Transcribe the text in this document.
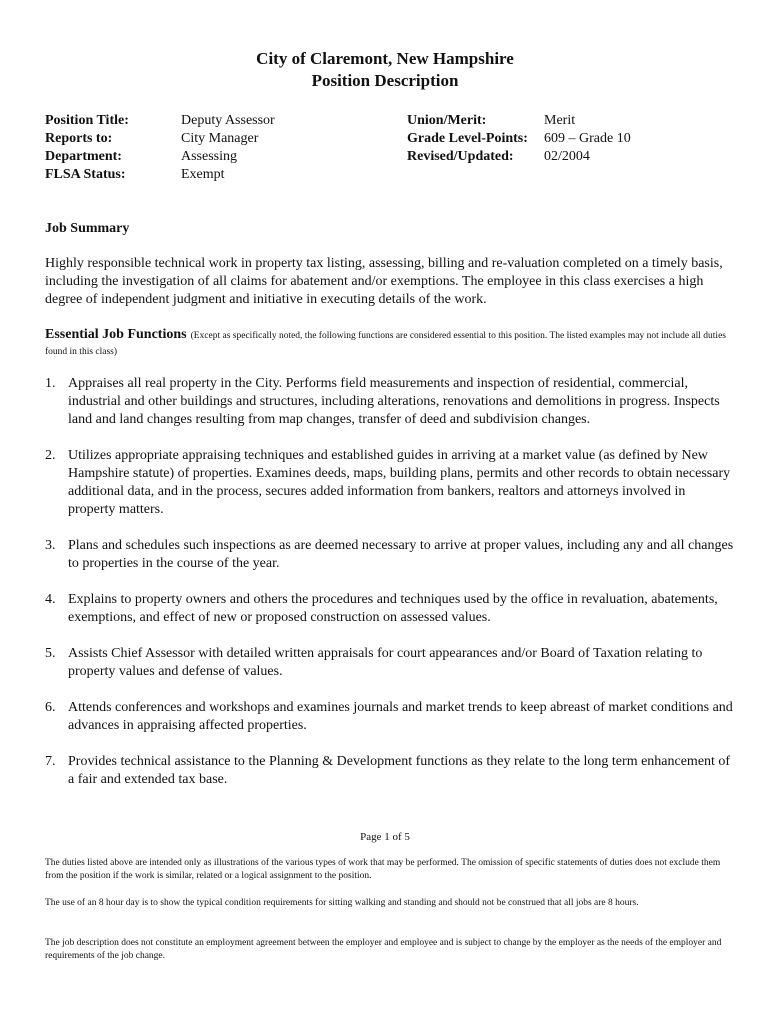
City of Claremont, New Hampshire
Position Description
Position Title:	Deputy Assessor
Reports to:	City Manager
Department:	Assessing
FLSA Status:	Exempt
Union/Merit:	Merit
Grade Level-Points:	609 – Grade 10
Revised/Updated:	02/2004
Job Summary
Highly responsible technical work in property tax listing, assessing, billing and re-valuation completed on a timely basis, including the investigation of all claims for abatement and/or exemptions. The employee in this class exercises a high degree of independent judgment and initiative in executing details of the work.
Essential Job Functions (Except as specifically noted, the following functions are considered essential to this position. The listed examples may not include all duties found in this class)
1. Appraises all real property in the City. Performs field measurements and inspection of residential, commercial, industrial and other buildings and structures, including alterations, renovations and demolitions in progress. Inspects land and land changes resulting from map changes, transfer of deed and subdivision changes.
2. Utilizes appropriate appraising techniques and established guides in arriving at a market value (as defined by New Hampshire statute) of properties. Examines deeds, maps, building plans, permits and other records to obtain necessary additional data, and in the process, secures added information from bankers, realtors and attorneys involved in property matters.
3. Plans and schedules such inspections as are deemed necessary to arrive at proper values, including any and all changes to properties in the course of the year.
4. Explains to property owners and others the procedures and techniques used by the office in revaluation, abatements, exemptions, and effect of new or proposed construction on assessed values.
5. Assists Chief Assessor with detailed written appraisals for court appearances and/or Board of Taxation relating to property values and defense of values.
6. Attends conferences and workshops and examines journals and market trends to keep abreast of market conditions and advances in appraising affected properties.
7. Provides technical assistance to the Planning & Development functions as they relate to the long term enhancement of a fair and extended tax base.
Page 1 of 5
The duties listed above are intended only as illustrations of the various types of work that may be performed. The omission of specific statements of duties does not exclude them from the position if the work is similar, related or a logical assignment to the position.
The use of an 8 hour day is to show the typical condition requirements for sitting walking and standing and should not be construed that all jobs are 8 hours.
The job description does not constitute an employment agreement between the employer and employee and is subject to change by the employer as the needs of the employer and requirements of the job change.
